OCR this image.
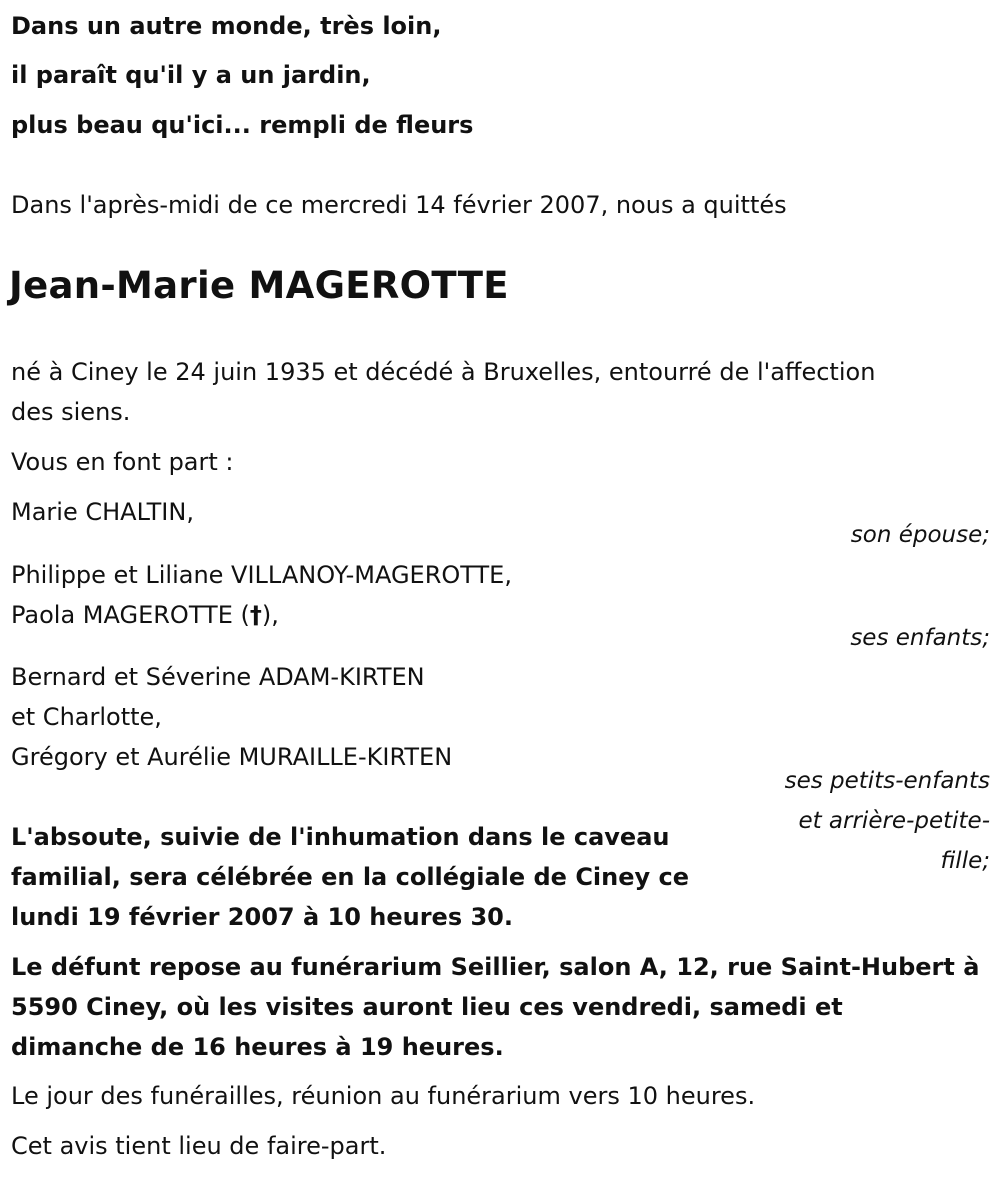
Dans un autre monde, très loin,
il paraît qu'il y a un jardin,
plus beau qu'ici... rempli de fleurs
Dans l'après-midi de ce mercredi 14 février 2007, nous a quittés
Jean-Marie MAGEROTTE
né à Ciney le 24 juin 1935 et décédé à Bruxelles, entourré de l'affection
des siens.
Vous en font part :
Marie CHALTIN,
son épouse;
Philippe et Liliane VILLANOY-MAGEROTTE,
Paola MAGEROTTE (†),
ses enfants;
Bernard et Séverine ADAM-KIRTEN
et Charlotte,
Grégory et Aurélie MURAILLE-KIRTEN
ses petits-enfants
et arrière-petite-
fille;
L'absoute, suivie de l'inhumation dans le caveau
familial, sera célébrée en la collégiale de Ciney ce
lundi 19 février 2007 à 10 heures 30.
Le défunt repose au funérarium Seillier, salon A, 12, rue Saint-Hubert à
5590 Ciney, où les visites auront lieu ces vendredi, samedi et
dimanche de 16 heures à 19 heures.
Le jour des funérailles, réunion au funérarium vers 10 heures.
Cet avis tient lieu de faire-part.
